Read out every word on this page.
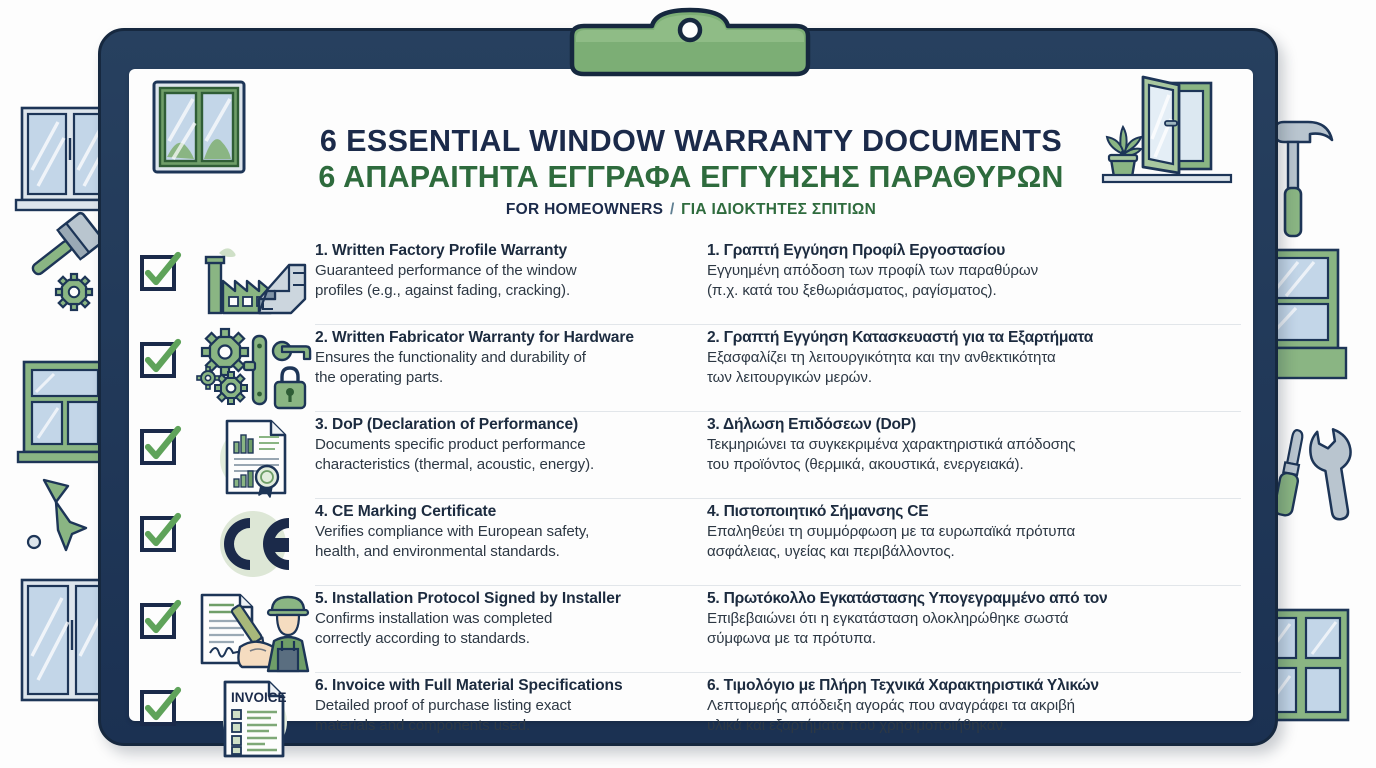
6 ESSENTIAL WINDOW WARRANTY DOCUMENTS
6 ΑΠΑΡΑΙΤΗΤΑ ΕΓΓΡΑΦΑ ΕΓΓΥΗΣΗΣ ΠΑΡΑΘΥΡΩΝ
FOR HOMEOWNERS / ΓΙΑ ΙΔΙΟΚΤΗΤΕΣ ΣΠΙΤΙΩΝ
1. Written Factory Profile Warranty
Guaranteed performance of the window
profiles (e.g., against fading, cracking).
1. Γραπτή Εγγύηση Προφίλ Εργοστασίου
Εγγυημένη απόδοση των προφίλ των παραθύρων
(π.χ. κατά του ξεθωριάσματος, ραγίσματος).
2. Written Fabricator Warranty for Hardware
Ensures the functionality and durability of
the operating parts.
2. Γραπτή Εγγύηση Κατασκευαστή για τα Εξαρτήματα
Εξασφαλίζει τη λειτουργικότητα και την ανθεκτικότητα
των λειτουργικών μερών.
3. DoP (Declaration of Performance)
Documents specific product performance
characteristics (thermal, acoustic, energy).
3. Δήλωση Επιδόσεων (DoP)
Τεκμηριώνει τα συγκεκριμένα χαρακτηριστικά απόδοσης
του προϊόντος (θερμικά, ακουστικά, ενεργειακά).
4. CE Marking Certificate
Verifies compliance with European safety,
health, and environmental standards.
4. Πιστοποιητικό Σήμανσης CE
Επαληθεύει τη συμμόρφωση με τα ευρωπαϊκά πρότυπα
ασφάλειας, υγείας και περιβάλλοντος.
5. Installation Protocol Signed by Installer
Confirms installation was completed
correctly according to standards.
5. Πρωτόκολλο Εγκατάστασης Υπογεγραμμένο από τον
Επιβεβαιώνει ότι η εγκατάσταση ολοκληρώθηκε σωστά
σύμφωνα με τα πρότυπα.
INVOICE
6. Invoice with Full Material Specifications
Detailed proof of purchase listing exact
materials and components used.
6. Τιμολόγιο με Πλήρη Τεχνικά Χαρακτηριστικά Υλικών
Λεπτομερής απόδειξη αγοράς που αναγράφει τα ακριβή
υλικά και εξαρτήματα που χρησιμοποιήθηκαν.
